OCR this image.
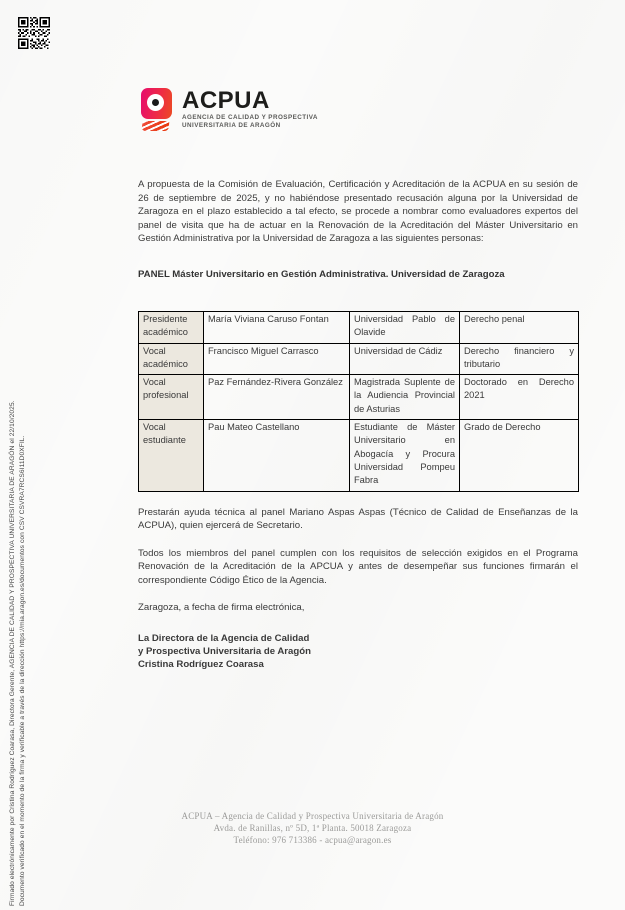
Firmado electrónicamente por Cristina Rodríguez Coarasa, Directora Gerente, AGENCIA DE CALIDAD Y PROSPECTIVA UNIVERSITARIA DE ARAGÓN el 22/10/2025. Documento verificado en el momento de la firma y verificable a través de la dirección https://mia.aragon.es/documentos con CSV CSVRA7RCS6I11D0XFIL.
ACPUA
AGENCIA DE CALIDAD Y PROSPECTIVA
UNIVERSITARIA DE ARAGÓN

A propuesta de la Comisión de Evaluación, Certificación y Acreditación de la ACPUA en su sesión de 26 de septiembre de 2025, y no habiéndose presentado recusación alguna por la Universidad de Zaragoza en el plazo establecido a tal efecto, se procede a nombrar como evaluadores expertos del panel de visita que ha de actuar en la Renovación de la Acreditación del Máster Universitario en Gestión Administrativa por la Universidad de Zaragoza a las siguientes personas:

PANEL Máster Universitario en Gestión Administrativa. Universidad de Zaragoza

Presidente académico	María Viviana Caruso Fontan	Universidad Pablo de Olavide	Derecho penal
Vocal académico	Francisco Miguel Carrasco	Universidad de Cádiz	Derecho financiero y tributario
Vocal profesional	Paz Fernández-Rivera González	Magistrada Suplente de la Audiencia Provincial de Asturias	Doctorado en Derecho 2021
Vocal estudiante	Pau Mateo Castellano	Estudiante de Máster Universitario en Abogacía y Procura Universidad Pompeu Fabra	Grado de Derecho

Prestarán ayuda técnica al panel Mariano Aspas Aspas (Técnico de Calidad de Enseñanzas de la ACPUA), quien ejercerá de Secretario.

Todos los miembros del panel cumplen con los requisitos de selección exigidos en el Programa Renovación de la Acreditación de la APCUA y antes de desempeñar sus funciones firmarán el correspondiente Código Ético de la Agencia.

Zaragoza, a fecha de firma electrónica,

La Directora de la Agencia de Calidad
y Prospectiva Universitaria de Aragón
Cristina Rodríguez Coarasa
ACPUA – Agencia de Calidad y Prospectiva Universitaria de Aragón
Avda. de Ranillas, nº 5D, 1ª Planta. 50018 Zaragoza
Teléfono: 976 713386 - acpua@aragon.es
